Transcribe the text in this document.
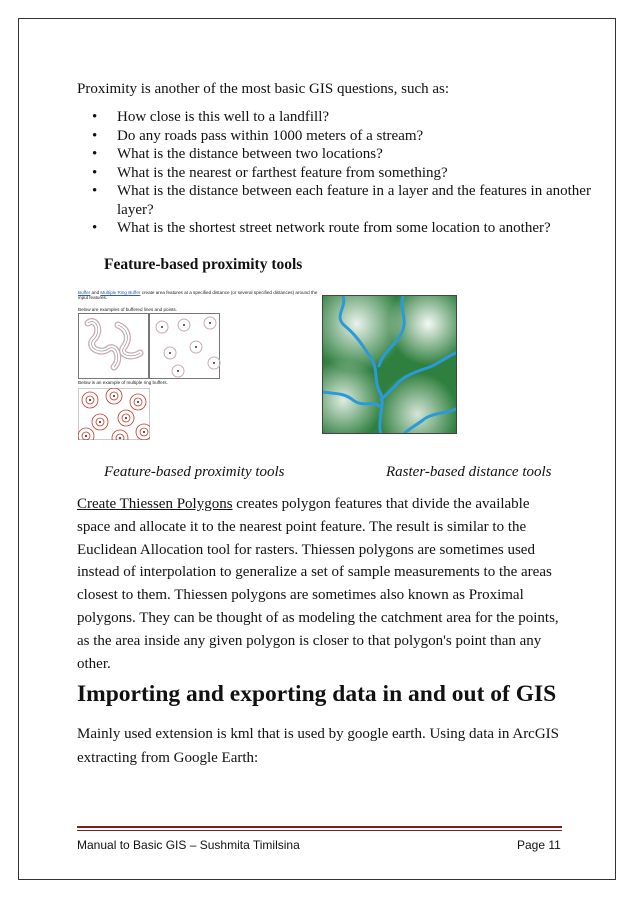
Proximity is another of the most basic GIS questions, such as:
• How close is this well to a landfill?
• Do any roads pass within 1000 meters of a stream?
• What is the distance between two locations?
• What is the nearest or farthest feature from something?
• What is the distance between each feature in a layer and the features in another layer?
• What is the shortest street network route from some location to another?
Feature-based proximity tools
Buffer and Multiple Ring Buffer create area features at a specified distance (or several specified distances) around the input features.
Below are examples of buffered lines and points.
Below is an example of multiple ring buffers.
Feature-based proximity tools	Raster-based distance tools
Create Thiessen Polygons creates polygon features that divide the available space and allocate it to the nearest point feature. The result is similar to the Euclidean Allocation tool for rasters. Thiessen polygons are sometimes used instead of interpolation to generalize a set of sample measurements to the areas closest to them. Thiessen polygons are sometimes also known as Proximal polygons. They can be thought of as modeling the catchment area for the points, as the area inside any given polygon is closer to that polygon's point than any other.
Importing and exporting data in and out of GIS
Mainly used extension is kml that is used by google earth. Using data in ArcGIS extracting from Google Earth:
Manual to Basic GIS – Sushmita Timilsina	Page 11
